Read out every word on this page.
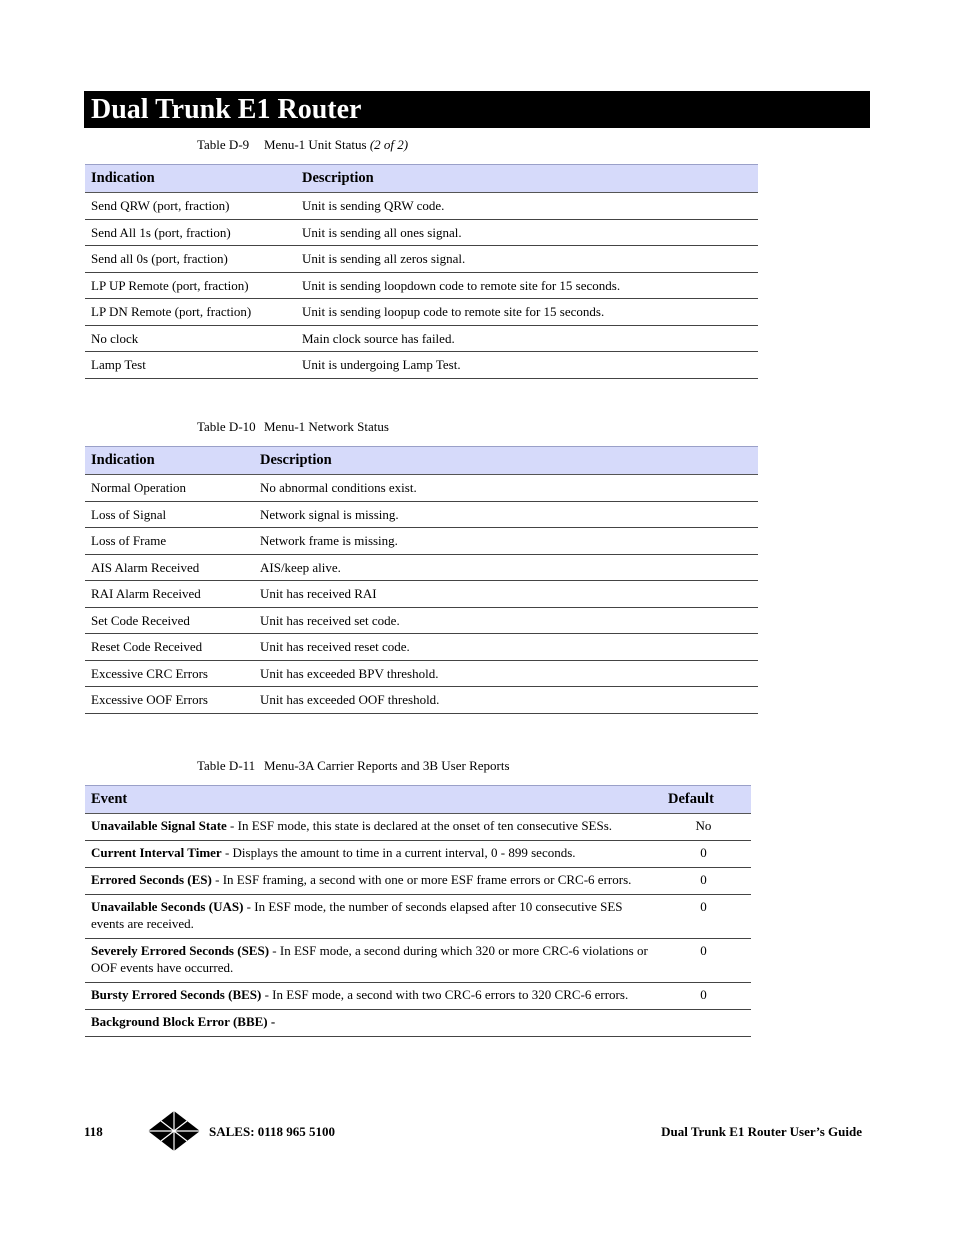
Dual Trunk E1 Router
Table D-9 Menu-1 Unit Status (2 of 2)
Indication	Description
Send QRW (port, fraction)	Unit is sending QRW code.
Send All 1s (port, fraction)	Unit is sending all ones signal.
Send all 0s (port, fraction)	Unit is sending all zeros signal.
LP UP Remote (port, fraction)	Unit is sending loopdown code to remote site for 15 seconds.
LP DN Remote (port, fraction)	Unit is sending loopup code to remote site for 15 seconds.
No clock	Main clock source has failed.
Lamp Test	Unit is undergoing Lamp Test.
Table D-10 Menu-1 Network Status
Indication	Description
Normal Operation	No abnormal conditions exist.
Loss of Signal	Network signal is missing.
Loss of Frame	Network frame is missing.
AIS Alarm Received	AIS/keep alive.
RAI Alarm Received	Unit has received RAI
Set Code Received	Unit has received set code.
Reset Code Received	Unit has received reset code.
Excessive CRC Errors	Unit has exceeded BPV threshold.
Excessive OOF Errors	Unit has exceeded OOF threshold.
Table D-11 Menu-3A Carrier Reports and 3B User Reports
Event	Default
Unavailable Signal State - In ESF mode, this state is declared at the onset of ten consecutive SESs.	No
Current Interval Timer - Displays the amount to time in a current interval, 0 - 899 seconds.	0
Errored Seconds (ES) - In ESF framing, a second with one or more ESF frame errors or CRC-6 errors.	0
Unavailable Seconds (UAS) - In ESF mode, the number of seconds elapsed after 10 consecutive SES events are received.	0
Severely Errored Seconds (SES) - In ESF mode, a second during which 320 or more CRC-6 violations or OOF events have occurred.	0
Bursty Errored Seconds (BES) - In ESF mode, a second with two CRC-6 errors to 320 CRC-6 errors.	0
Background Block Error (BBE) -	
118	SALES: 0118 965 5100	Dual Trunk E1 Router User’s Guide
